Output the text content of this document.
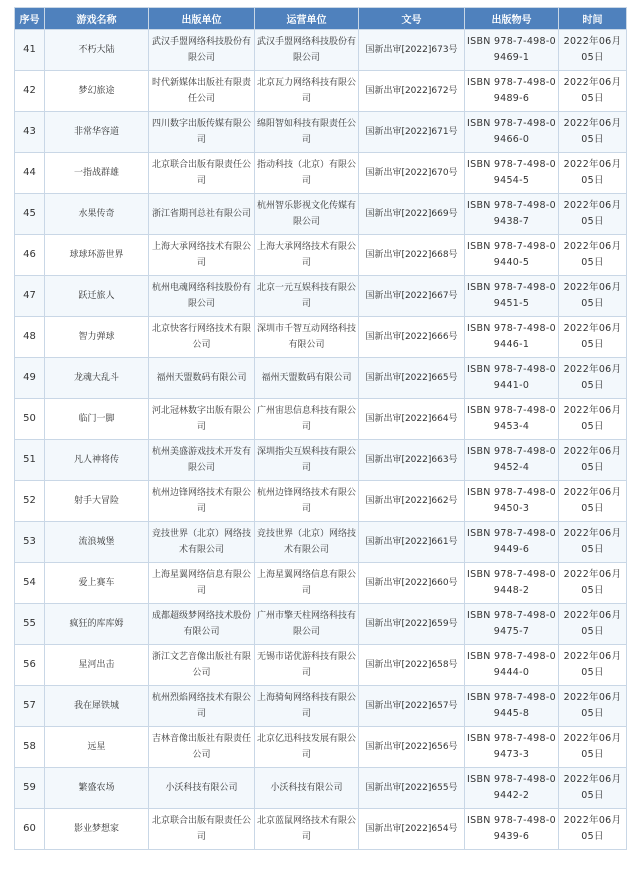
序号	游戏名称	出版单位	运营单位	文号	出版物号	时间
41	不朽大陆	武汉手盟网络科技股份有限公司	武汉手盟网络科技股份有限公司	国新出审[2022]673号	ISBN 978-7-498-09469-1	2022年06月05日
42	梦幻旅途	时代新媒体出版社有限责任公司	北京瓦力网络科技有限公司	国新出审[2022]672号	ISBN 978-7-498-09489-6	2022年06月05日
43	非常华容道	四川数字出版传媒有限公司	绵阳智如科技有限责任公司	国新出审[2022]671号	ISBN 978-7-498-09466-0	2022年06月05日
44	一指战群雄	北京联合出版有限责任公司	指动科技（北京）有限公司	国新出审[2022]670号	ISBN 978-7-498-09454-5	2022年06月05日
45	水果传奇	浙江省期刊总社有限公司	杭州智乐影视文化传媒有限公司	国新出审[2022]669号	ISBN 978-7-498-09438-7	2022年06月05日
46	球球环游世界	上海大承网络技术有限公司	上海大承网络技术有限公司	国新出审[2022]668号	ISBN 978-7-498-09440-5	2022年06月05日
47	跃迁旅人	杭州电魂网络科技股份有限公司	北京一元互娱科技有限公司	国新出审[2022]667号	ISBN 978-7-498-09451-5	2022年06月05日
48	智力弹球	北京快客行网络技术有限公司	深圳市千智互动网络科技有限公司	国新出审[2022]666号	ISBN 978-7-498-09446-1	2022年06月05日
49	龙魂大乱斗	福州天盟数码有限公司	福州天盟数码有限公司	国新出审[2022]665号	ISBN 978-7-498-09441-0	2022年06月05日
50	临门一脚	河北冠林数字出版有限公司	广州宙思信息科技有限公司	国新出审[2022]664号	ISBN 978-7-498-09453-4	2022年06月05日
51	凡人神将传	杭州美盛游戏技术开发有限公司	深圳指尖互娱科技有限公司	国新出审[2022]663号	ISBN 978-7-498-09452-4	2022年06月05日
52	射手大冒险	杭州边锋网络技术有限公司	杭州边锋网络技术有限公司	国新出审[2022]662号	ISBN 978-7-498-09450-3	2022年06月05日
53	流浪城堡	竞技世界（北京）网络技术有限公司	竞技世界（北京）网络技术有限公司	国新出审[2022]661号	ISBN 978-7-498-09449-6	2022年06月05日
54	爱上赛车	上海星翼网络信息有限公司	上海星翼网络信息有限公司	国新出审[2022]660号	ISBN 978-7-498-09448-2	2022年06月05日
55	疯狂的库库姆	成都超级梦网络技术股份有限公司	广州市擎天柱网络科技有限公司	国新出审[2022]659号	ISBN 978-7-498-09475-7	2022年06月05日
56	星河出击	浙江文艺音像出版社有限公司	无锡市诺优游科技有限公司	国新出审[2022]658号	ISBN 978-7-498-09444-0	2022年06月05日
57	我在犀铁城	杭州烈焰网络技术有限公司	上海骑甸网络科技有限公司	国新出审[2022]657号	ISBN 978-7-498-09445-8	2022年06月05日
58	远星	吉林音像出版社有限责任公司	北京亿迅科技发展有限公司	国新出审[2022]656号	ISBN 978-7-498-09473-3	2022年06月05日
59	繁盛农场	小沃科技有限公司	小沃科技有限公司	国新出审[2022]655号	ISBN 978-7-498-09442-2	2022年06月05日
60	影业梦想家	北京联合出版有限责任公司	北京蓝鼠网络技术有限公司	国新出审[2022]654号	ISBN 978-7-498-09439-6	2022年06月05日
